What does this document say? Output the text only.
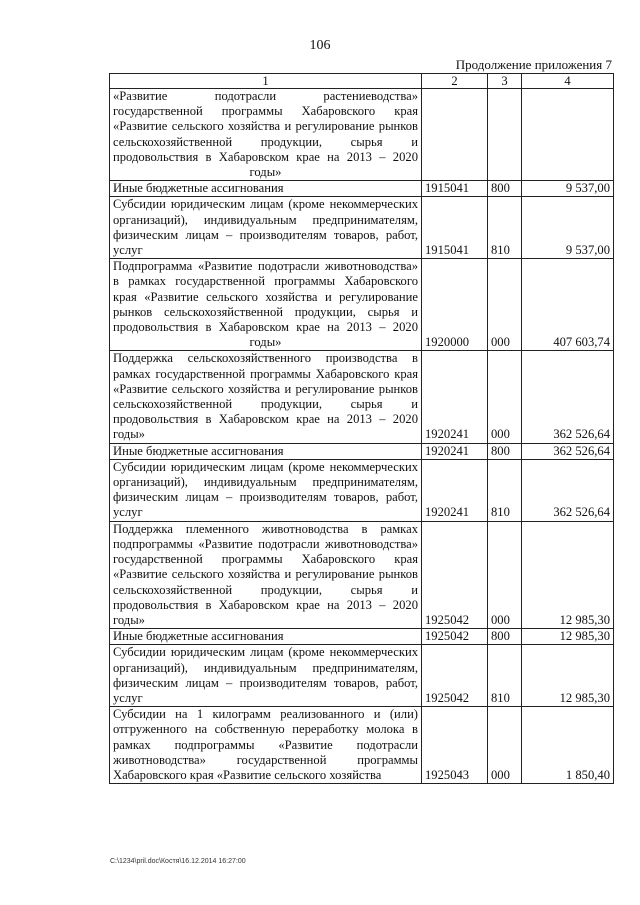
106
Продолжение приложения 7
1	2	3	4
«Развитие подотрасли растениеводства» государственной программы Хабаровского края «Развитие сельского хозяйства и регулирование рынков сельскохозяйственной продукции, сырья и продовольствия в Хабаровском крае на 2013 – 2020 годы»			
Иные бюджетные ассигнования	1915041	800	9 537,00
Субсидии юридическим лицам (кроме некоммерческих организаций), индивидуальным предпринимателям, физическим лицам – производителям товаров, работ, услуг	1915041	810	9 537,00
Подпрограмма «Развитие подотрасли животноводства» в рамках государственной программы Хабаровского края «Развитие сельского хозяйства и регулирование рынков сельскохозяйственной продукции, сырья и продовольствия в Хабаровском крае на 2013 – 2020 годы»	1920000	000	407 603,74
Поддержка сельскохозяйственного производства в рамках государственной программы Хабаровского края «Развитие сельского хозяйства и регулирование рынков сельскохозяйственной продукции, сырья и продовольствия в Хабаровском крае на 2013 – 2020 годы»	1920241	000	362 526,64
Иные бюджетные ассигнования	1920241	800	362 526,64
Субсидии юридическим лицам (кроме некоммерческих организаций), индивидуальным предпринимателям, физическим лицам – производителям товаров, работ, услуг	1920241	810	362 526,64
Поддержка племенного животноводства в рамках подпрограммы «Развитие подотрасли животноводства» государственной программы Хабаровского края «Развитие сельского хозяйства и регулирование рынков сельскохозяйственной продукции, сырья и продовольствия в Хабаровском крае на 2013 – 2020 годы»	1925042	000	12 985,30
Иные бюджетные ассигнования	1925042	800	12 985,30
Субсидии юридическим лицам (кроме некоммерческих организаций), индивидуальным предпринимателям, физическим лицам – производителям товаров, работ, услуг	1925042	810	12 985,30
Субсидии на 1 килограмм реализованного и (или) отгруженного на собственную переработку молока в рамках подпрограммы «Развитие подотрасли животноводства» государственной программы Хабаровского края «Развитие сельского хозяйства	1925043	000	1 850,40
C:\1234\pril.doc\Костя\16.12.2014 16:27:00
